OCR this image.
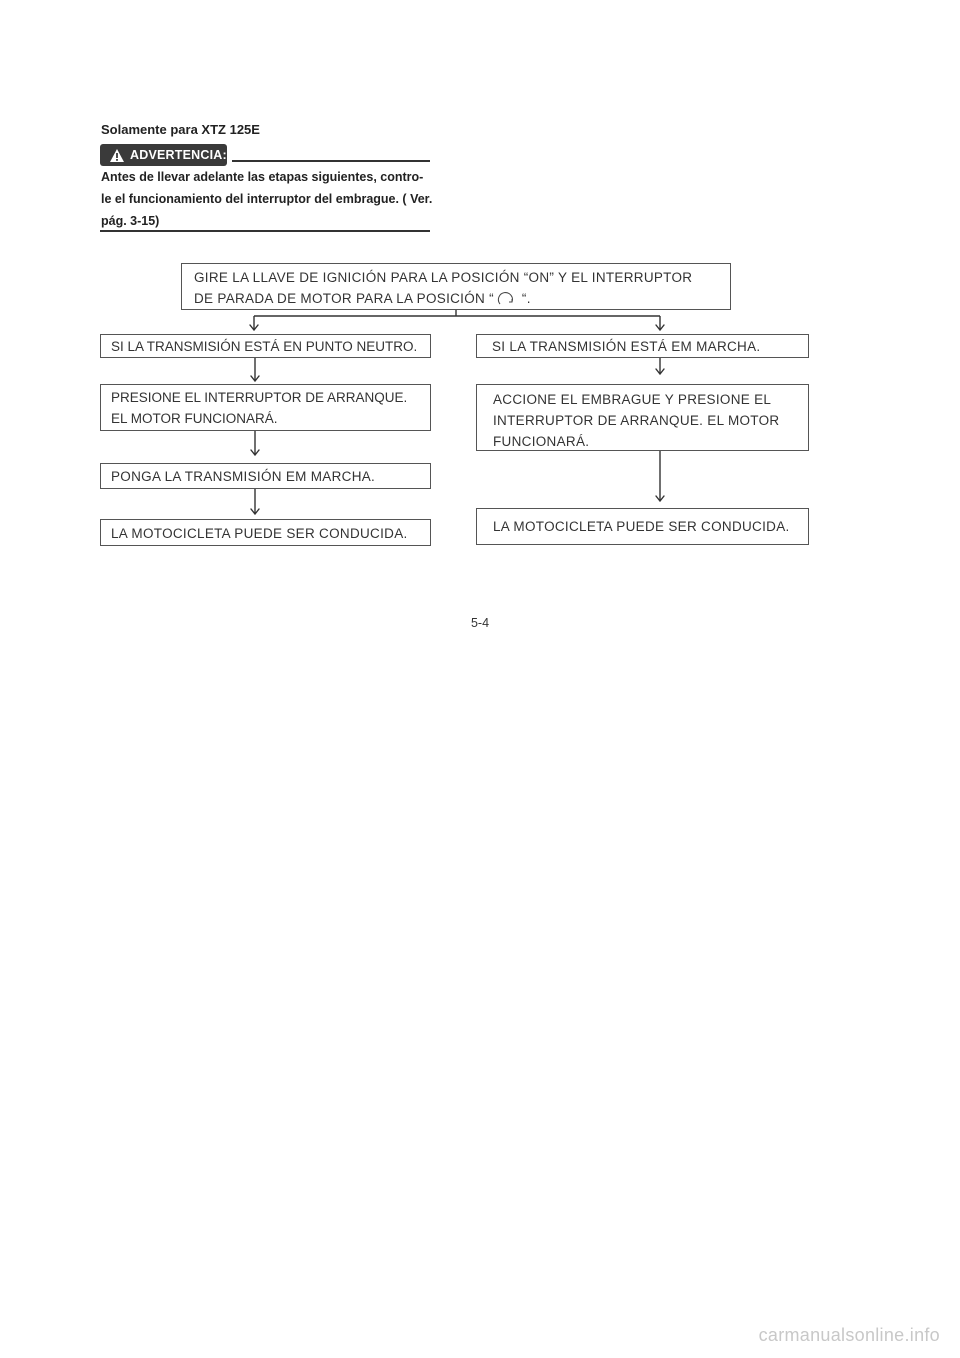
Solamente para XTZ 125E
ADVERTENCIA:
Antes de llevar adelante las etapas siguientes, contro-
le el funcionamiento del interruptor del embrague. ( Ver.
pág. 3-15)
GIRE LA LLAVE DE IGNICIÓN PARA LA POSICIÓN “ON” Y EL INTERRUPTOR
DE PARADA DE MOTOR PARA LA POSICIÓN “ “.
SI LA TRANSMISIÓN ESTÁ EN PUNTO NEUTRO.
PRESIONE EL INTERRUPTOR DE ARRANQUE.
EL MOTOR FUNCIONARÁ.
PONGA LA TRANSMISIÓN EM MARCHA.
LA MOTOCICLETA PUEDE SER CONDUCIDA.
SI LA TRANSMISIÓN ESTÁ EM MARCHA.
ACCIONE EL EMBRAGUE Y PRESIONE EL
INTERRUPTOR DE ARRANQUE. EL MOTOR
FUNCIONARÁ.
LA MOTOCICLETA PUEDE SER CONDUCIDA.
5-4
carmanualsonline.info
